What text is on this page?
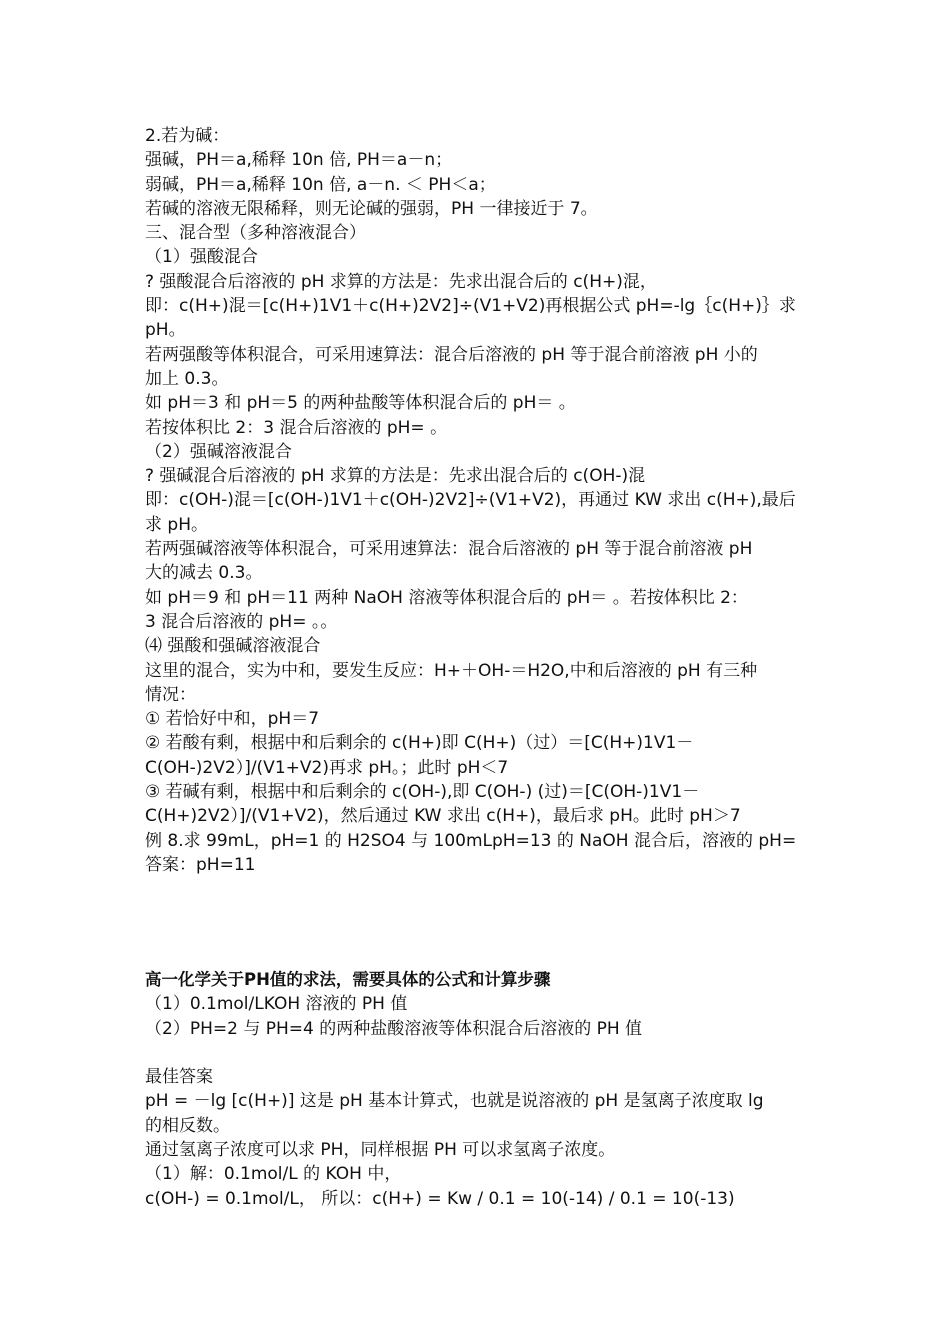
2.若为碱：
强碱，PH＝a,稀释 10n 倍, PH＝a－n；
弱碱，PH＝a,稀释 10n 倍, a－n. ＜ PH＜a；
若碱的溶液无限稀释，则无论碱的强弱，PH 一律接近于 7。
三、混合型（多种溶液混合）
（1）强酸混合
? 强酸混合后溶液的 pH 求算的方法是：先求出混合后的 c(H+)混，
即：c(H+)混＝[c(H+)1V1＋c(H+)2V2]÷(V1+V2)再根据公式 pH=-lg｛c(H+)｝求
pH。
若两强酸等体积混合，可采用速算法：混合后溶液的 pH 等于混合前溶液 pH 小的
加上 0.3。
如 pH＝3 和 pH＝5 的两种盐酸等体积混合后的 pH＝ 。
若按体积比 2：3 混合后溶液的 pH= 。
（2）强碱溶液混合
? 强碱混合后溶液的 pH 求算的方法是：先求出混合后的 c(OH-)混
即：c(OH-)混＝[c(OH-)1V1＋c(OH-)2V2]÷(V1+V2)，再通过 KW 求出 c(H+),最后
求 pH。
若两强碱溶液等体积混合，可采用速算法：混合后溶液的 pH 等于混合前溶液 pH
大的减去 0.3。
如 pH＝9 和 pH＝11 两种 NaOH 溶液等体积混合后的 pH＝ 。若按体积比 2：
3 混合后溶液的 pH= 。。
⑷ 强酸和强碱溶液混合
这里的混合，实为中和，要发生反应：H+＋OH-＝H2O,中和后溶液的 pH 有三种
情况：
① 若恰好中和，pH＝7
② 若酸有剩，根据中和后剩余的 c(H+)即 C(H+)（过）＝[C(H+)1V1－
C(OH-)2V2）]/(V1+V2)再求 pH。；此时 pH＜7
③ 若碱有剩，根据中和后剩余的 c(OH-),即 C(OH-) (过)＝[C(OH-)1V1－
C(H+)2V2）]/(V1+V2)，然后通过 KW 求出 c(H+)，最后求 pH。此时 pH＞7
例 8.求 99mL，pH=1 的 H2SO4 与 100mLpH=13 的 NaOH 混合后，溶液的 pH=
答案：pH=11
高一化学关于PH值的求法，需要具体的公式和计算步骤
（1）0.1mol/LKOH 溶液的 PH 值
（2）PH=2 与 PH=4 的两种盐酸溶液等体积混合后溶液的 PH 值
最佳答案
pH = －lg [c(H+)] 这是 pH 基本计算式，也就是说溶液的 pH 是氢离子浓度取 lg
的相反数。
通过氢离子浓度可以求 PH，同样根据 PH 可以求氢离子浓度。
（1）解：0.1mol/L 的 KOH 中，
c(OH-) = 0.1mol/L， 所以：c(H+) = Kw / 0.1 = 10(-14) / 0.1 = 10(-13)
